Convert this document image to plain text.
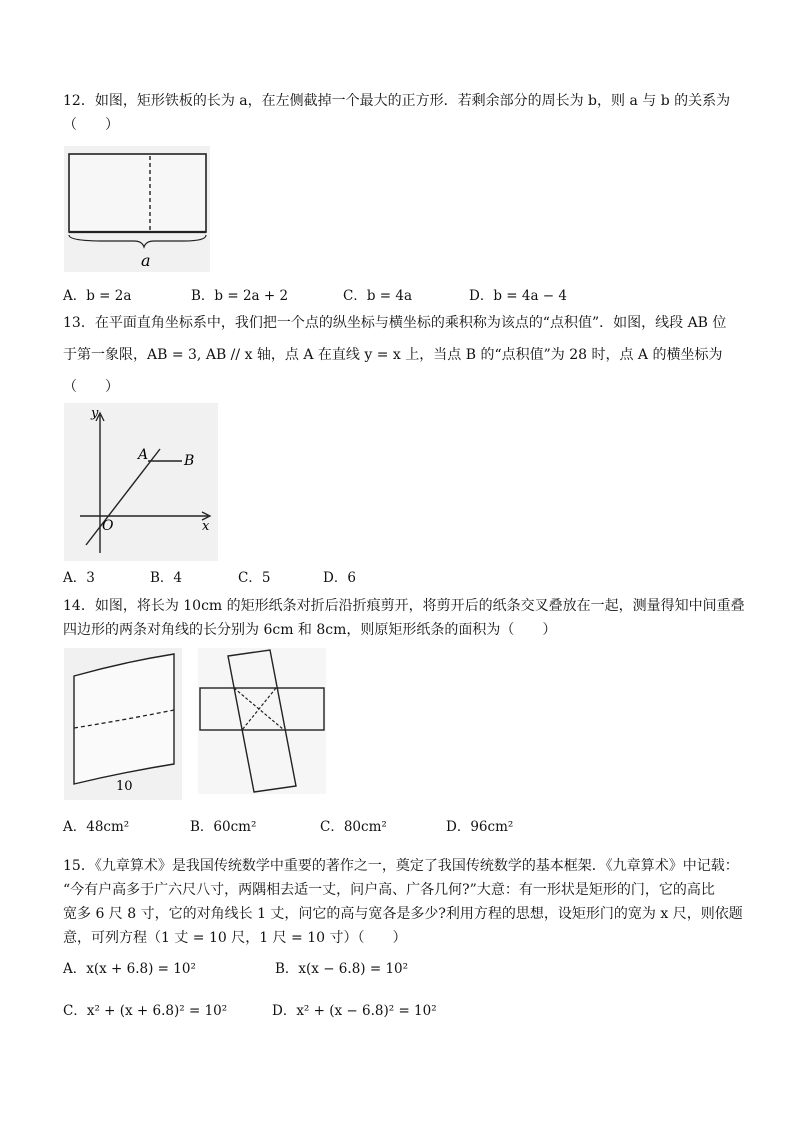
12．如图，矩形铁板的长为 a，在左侧截掉一个最大的正方形．若剩余部分的周长为 b，则 a 与 b 的关系为
（　　）
a
A．b = 2a	B．b = 2a + 2	C．b = 4a	D．b = 4a − 4
13．在平面直角坐标系中，我们把一个点的纵坐标与横坐标的乘积称为该点的“点积值”．如图，线段 AB 位
于第一象限，AB = 3, AB // x 轴，点 A 在直线 y = x 上，当点 B 的“点积值”为 28 时，点 A 的横坐标为
（　　）
y
x
O
A	B
A．3	B．4	C．5	D．6
14．如图，将长为 10cm 的矩形纸条对折后沿折痕剪开，将剪开后的纸条交叉叠放在一起，测量得知中间重叠
四边形的两条对角线的长分别为 6cm 和 8cm，则原矩形纸条的面积为（　　）
10
A．48cm²	B．60cm²	C．80cm²	D．96cm²
15．《九章算术》是我国传统数学中重要的著作之一，奠定了我国传统数学的基本框架．《九章算术》中记载：
“今有户高多于广六尺八寸，两隅相去适一丈，问户高、广各几何?”大意：有一形状是矩形的门，它的高比
宽多 6 尺 8 寸，它的对角线长 1 丈，问它的高与宽各是多少?利用方程的思想，设矩形门的宽为 x 尺，则依题
意，可列方程（1 丈 = 10 尺，1 尺 = 10 寸）（　　）
A．x(x + 6.8) = 10²	B．x(x − 6.8) = 10²
C．x² + (x + 6.8)² = 10²	D．x² + (x − 6.8)² = 10²
